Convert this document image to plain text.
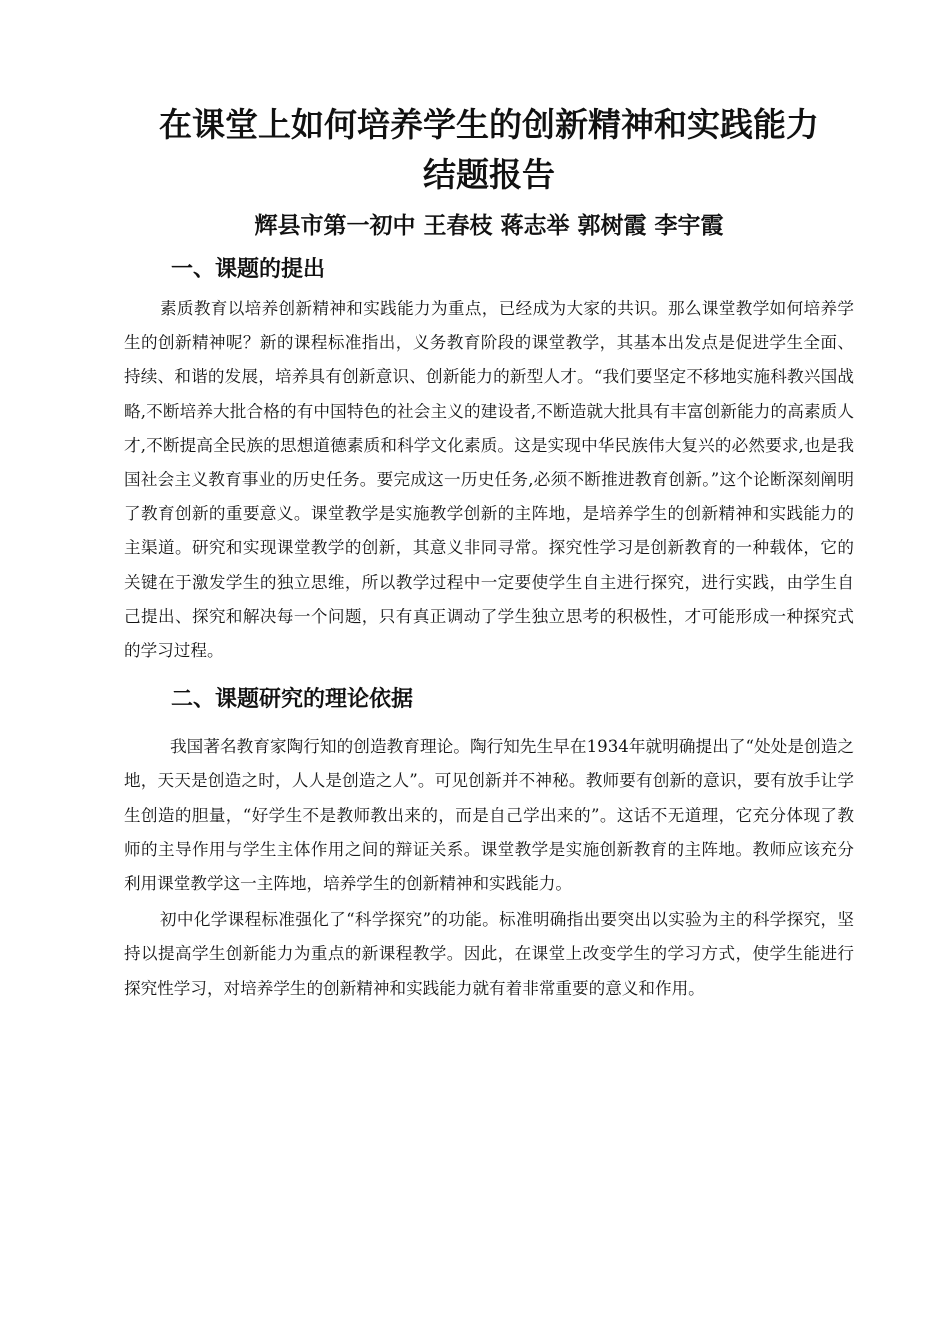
在课堂上如何培养学生的创新精神和实践能力
结题报告
辉县市第一初中 王春枝 蒋志举 郭树霞 李宇霞
一、课题的提出

素质教育以培养创新精神和实践能力为重点，已经成为大家的共识。那么课堂教学如何培养学生的创新精神呢？新的课程标准指出，义务教育阶段的课堂教学，其基本出发点是促进学生全面、持续、和谐的发展，培养具有创新意识、创新能力的新型人才。“我们要坚定不移地实施科教兴国战略,不断培养大批合格的有中国特色的社会主义的建设者,不断造就大批具有丰富创新能力的高素质人才,不断提高全民族的思想道德素质和科学文化素质。这是实现中华民族伟大复兴的必然要求,也是我国社会主义教育事业的历史任务。要完成这一历史任务,必须不断推进教育创新。”这个论断深刻阐明了教育创新的重要意义。课堂教学是实施教学创新的主阵地，是培养学生的创新精神和实践能力的主渠道。研究和实现课堂教学的创新，其意义非同寻常。探究性学习是创新教育的一种载体，它的关键在于激发学生的独立思维，所以教学过程中一定要使学生自主进行探究，进行实践，由学生自己提出、探究和解决每一个问题，只有真正调动了学生独立思考的积极性，才可能形成一种探究式的学习过程。

二、课题研究的理论依据

我国著名教育家陶行知的创造教育理论。陶行知先生早在1934年就明确提出了“处处是创造之地，天天是创造之时，人人是创造之人”。可见创新并不神秘。教师要有创新的意识，要有放手让学生创造的胆量，“好学生不是教师教出来的，而是自己学出来的”。这话不无道理，它充分体现了教师的主导作用与学生主体作用之间的辩证关系。课堂教学是实施创新教育的主阵地。教师应该充分利用课堂教学这一主阵地，培养学生的创新精神和实践能力。

初中化学课程标准强化了“科学探究”的功能。标准明确指出要突出以实验为主的科学探究，坚持以提高学生创新能力为重点的新课程教学。因此，在课堂上改变学生的学习方式，使学生能进行探究性学习，对培养学生的创新精神和实践能力就有着非常重要的意义和作用。
